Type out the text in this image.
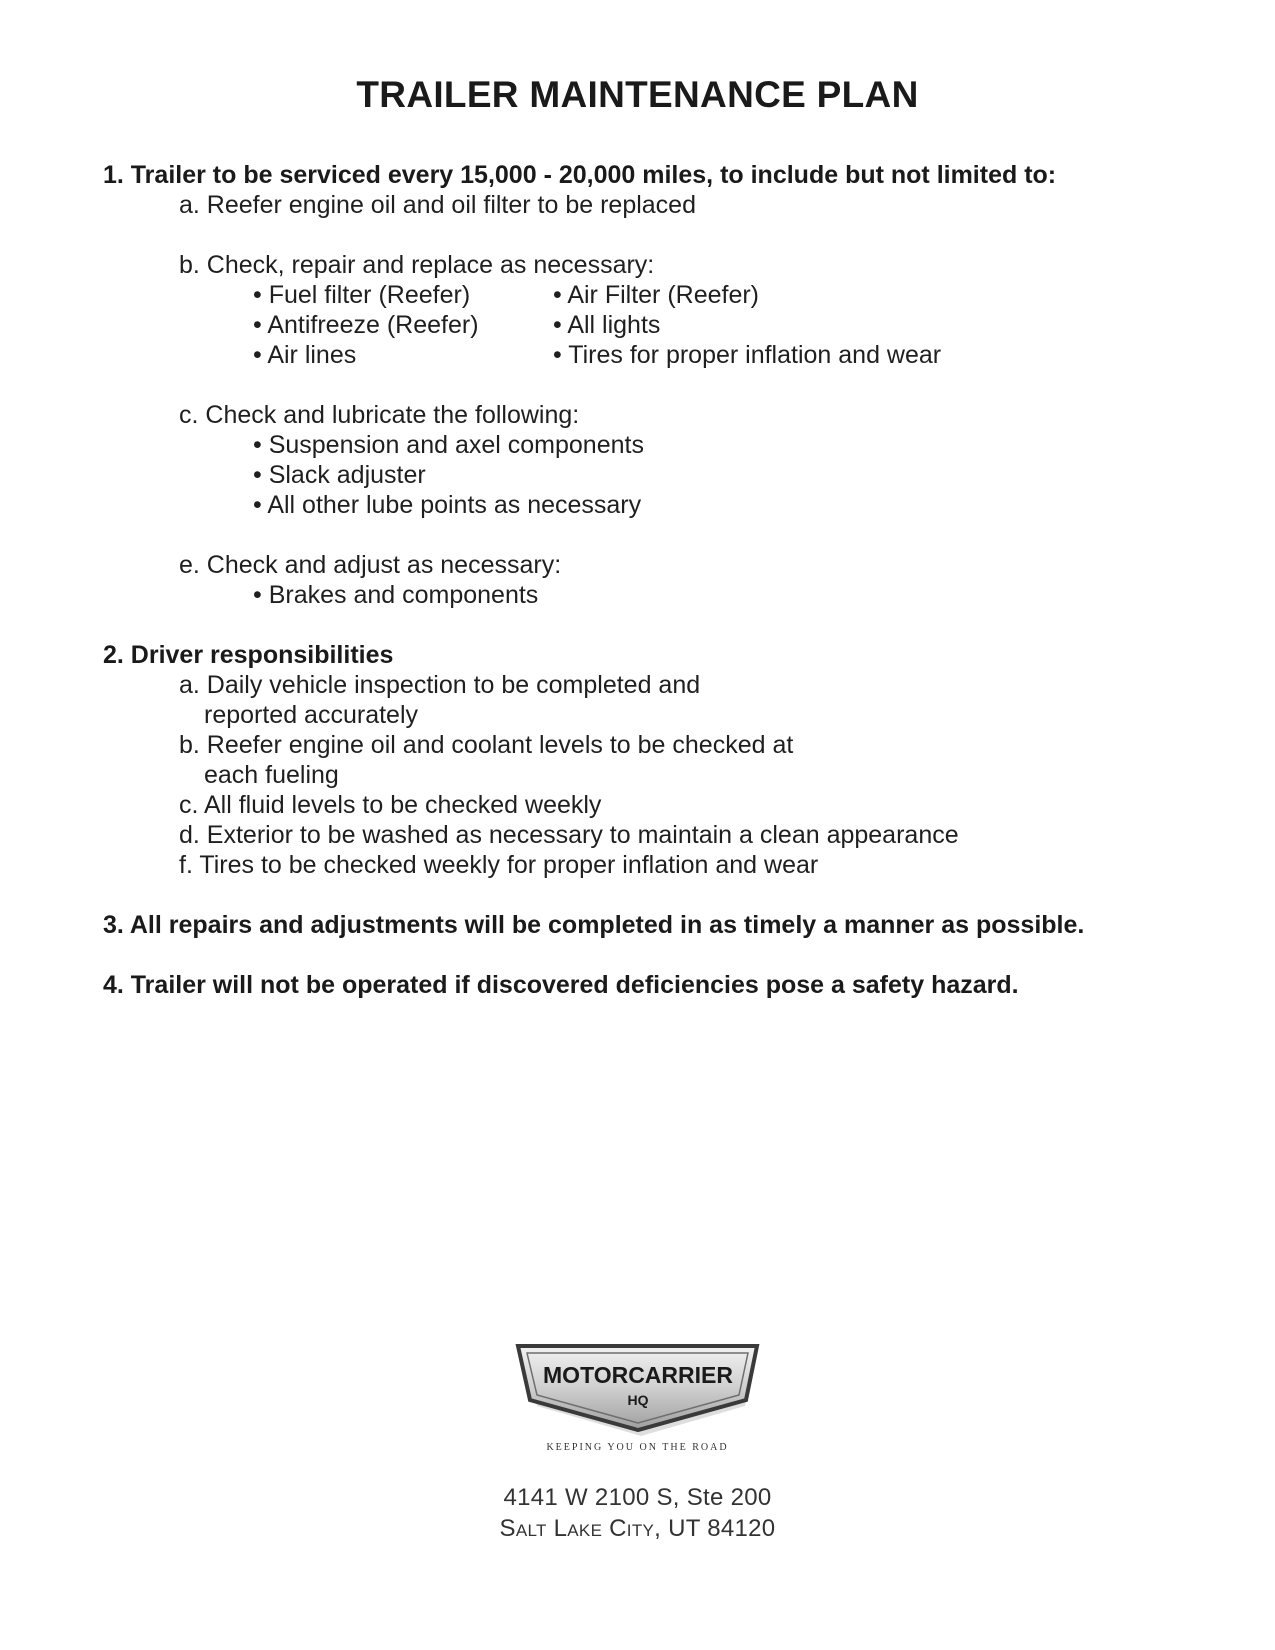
TRAILER MAINTENANCE PLAN
1. Trailer to be serviced every 15,000 - 20,000 miles, to include but not limited to:
a. Reefer engine oil and oil filter to be replaced
b. Check, repair and replace as necessary:
• Fuel filter (Reefer)
• Antifreeze (Reefer)
• Air lines
• Air Filter (Reefer)
• All lights
• Tires for proper inflation and wear
c. Check and lubricate the following:
• Suspension and axel components
• Slack adjuster
• All other lube points as necessary
e. Check and adjust as necessary:
• Brakes and components
2. Driver responsibilities
a. Daily vehicle inspection to be completed and
reported accurately
b. Reefer engine oil and coolant levels to be checked at
each fueling
c. All fluid levels to be checked weekly
d. Exterior to be washed as necessary to maintain a clean appearance
f. Tires to be checked weekly for proper inflation and wear
3. All repairs and adjustments will be completed in as timely a manner as possible.
4. Trailer will not be operated if discovered deficiencies pose a safety hazard.
MOTORCARRIER
HQ
KEEPING YOU ON THE ROAD
4141 W 2100 S, Ste 200
Salt Lake City, UT 84120
